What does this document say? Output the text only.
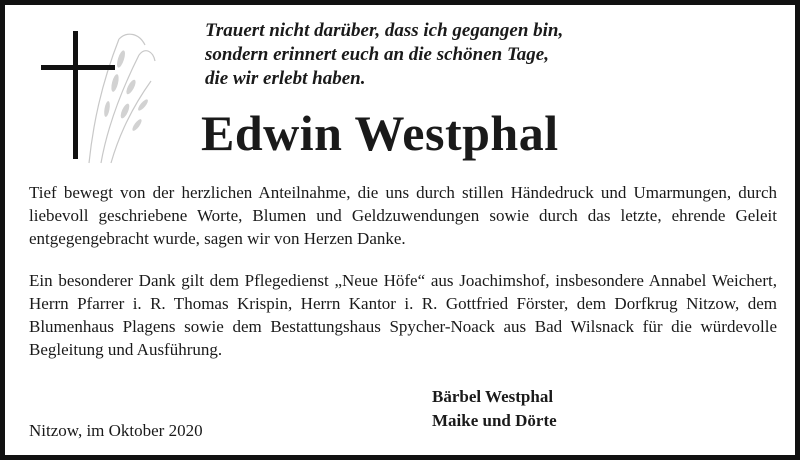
Trauert nicht darüber, dass ich gegangen bin,
sondern erinnert euch an die schönen Tage,
die wir erlebt haben.

Edwin Westphal

Tief bewegt von der herzlichen Anteilnahme, die uns durch stillen Händedruck und Umarmungen, durch liebevoll geschriebene Worte, Blumen und Geldzuwendungen sowie durch das letzte, ehrende Geleit entgegengebracht wurde, sagen wir von Herzen Danke.

Ein besonderer Dank gilt dem Pflegedienst „Neue Höfe“ aus Joachimshof, insbesondere Annabel Weichert, Herrn Pfarrer i. R. Thomas Krispin, Herrn Kantor i. R. Gottfried Förster, dem Dorfkrug Nitzow, dem Blumenhaus Plagens sowie dem Bestattungshaus Spycher-Noack aus Bad Wilsnack für die würdevolle Begleitung und Ausführung.

Bärbel Westphal
Maike und Dörte
Nitzow, im Oktober 2020
